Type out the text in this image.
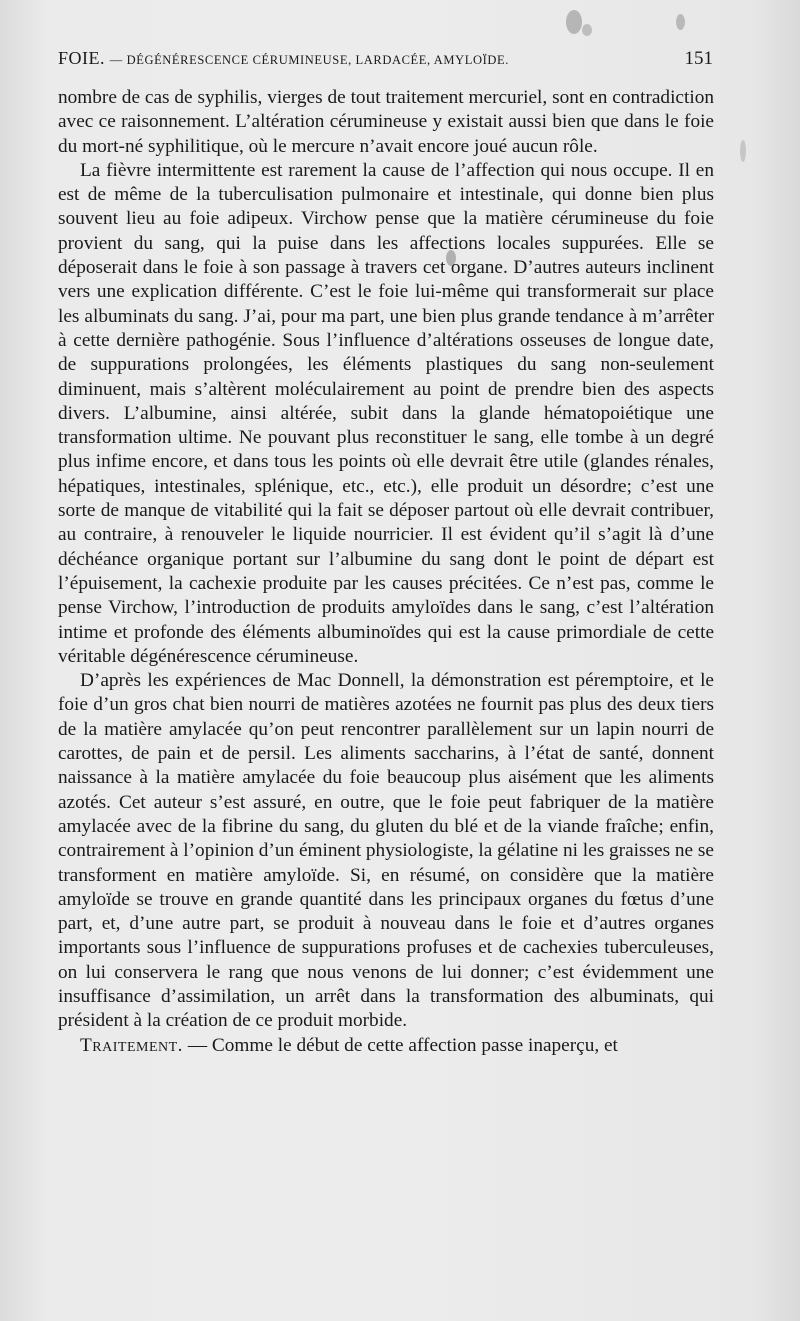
FOIE. — DÉGÉNÉRESCENCE CÉRUMINEUSE, LARDACÉE, AMYLOÏDE.	151

nombre de cas de syphilis, vierges de tout traitement mercuriel, sont en contradiction avec ce raisonnement. L’altération cérumineuse y existait aussi bien que dans le foie du mort-né syphilitique, où le mercure n’avait encore joué aucun rôle.

La fièvre intermittente est rarement la cause de l’affection qui nous occupe. Il en est de même de la tuberculisation pulmonaire et intestinale, qui donne bien plus souvent lieu au foie adipeux. Virchow pense que la matière cérumineuse du foie provient du sang, qui la puise dans les affections locales suppurées. Elle se déposerait dans le foie à son passage à travers cet organe. D’autres auteurs inclinent vers une explication différente. C’est le foie lui-même qui transformerait sur place les albuminats du sang. J’ai, pour ma part, une bien plus grande tendance à m’arrêter à cette dernière pathogénie. Sous l’influence d’altérations osseuses de longue date, de suppurations prolongées, les éléments plastiques du sang non-seulement diminuent, mais s’altèrent moléculairement au point de prendre bien des aspects divers. L’albumine, ainsi altérée, subit dans la glande hématopoiétique une transformation ultime. Ne pouvant plus reconstituer le sang, elle tombe à un degré plus infime encore, et dans tous les points où elle devrait être utile (glandes rénales, hépatiques, intestinales, splénique, etc., etc.), elle produit un désordre; c’est une sorte de manque de vitabilité qui la fait se déposer partout où elle devrait contribuer, au contraire, à renouveler le liquide nourricier. Il est évident qu’il s’agit là d’une déchéance organique portant sur l’albumine du sang dont le point de départ est l’épuisement, la cachexie produite par les causes précitées. Ce n’est pas, comme le pense Virchow, l’introduction de produits amyloïdes dans le sang, c’est l’altération intime et profonde des éléments albuminoïdes qui est la cause primordiale de cette véritable dégénérescence cérumineuse.

D’après les expériences de Mac Donnell, la démonstration est péremptoire, et le foie d’un gros chat bien nourri de matières azotées ne fournit pas plus des deux tiers de la matière amylacée qu’on peut rencontrer parallèlement sur un lapin nourri de carottes, de pain et de persil. Les aliments saccharins, à l’état de santé, donnent naissance à la matière amylacée du foie beaucoup plus aisément que les aliments azotés. Cet auteur s’est assuré, en outre, que le foie peut fabriquer de la matière amylacée avec de la fibrine du sang, du gluten du blé et de la viande fraîche; enfin, contrairement à l’opinion d’un éminent physiologiste, la gélatine ni les graisses ne se transforment en matière amyloïde. Si, en résumé, on considère que la matière amyloïde se trouve en grande quantité dans les principaux organes du fœtus d’une part, et, d’une autre part, se produit à nouveau dans le foie et d’autres organes importants sous l’influence de suppurations profuses et de cachexies tuberculeuses, on lui conservera le rang que nous venons de lui donner; c’est évidemment une insuffisance d’assimilation, un arrêt dans la transformation des albuminats, qui président à la création de ce produit morbide.

Traitement. — Comme le début de cette affection passe inaperçu, et
